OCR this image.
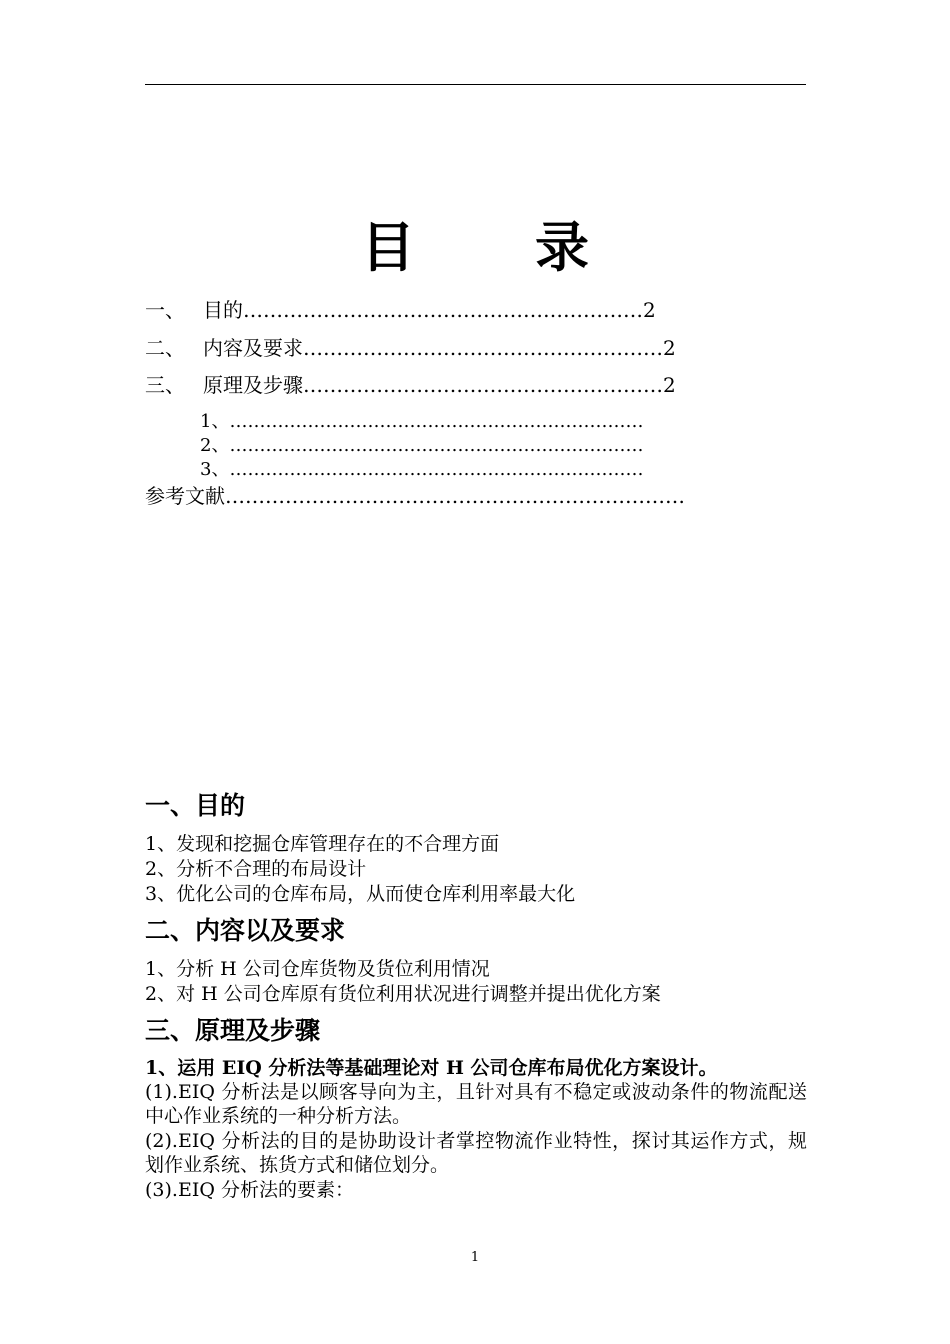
目 录
一、 目的……………………………………………………2
二、 内容及要求………………………………………………2
三、 原理及步骤………………………………………………2
1、……………………………………………………………
2、……………………………………………………………
3、……………………………………………………………
参考文献……………………………………………………………
一、目的
1、发现和挖掘仓库管理存在的不合理方面
2、分析不合理的布局设计
3、优化公司的仓库布局，从而使仓库利用率最大化
二、内容以及要求
1、分析 H 公司仓库货物及货位利用情况
2、对 H 公司仓库原有货位利用状况进行调整并提出优化方案
三、原理及步骤
1、运用 EIQ 分析法等基础理论对 H 公司仓库布局优化方案设计。
(1).EIQ 分析法是以顾客导向为主，且针对具有不稳定或波动条件的物流配送中心作业系统的一种分析方法。
(2).EIQ 分析法的目的是协助设计者掌控物流作业特性，探讨其运作方式，规划作业系统、拣货方式和储位划分。
(3).EIQ 分析法的要素：
1
